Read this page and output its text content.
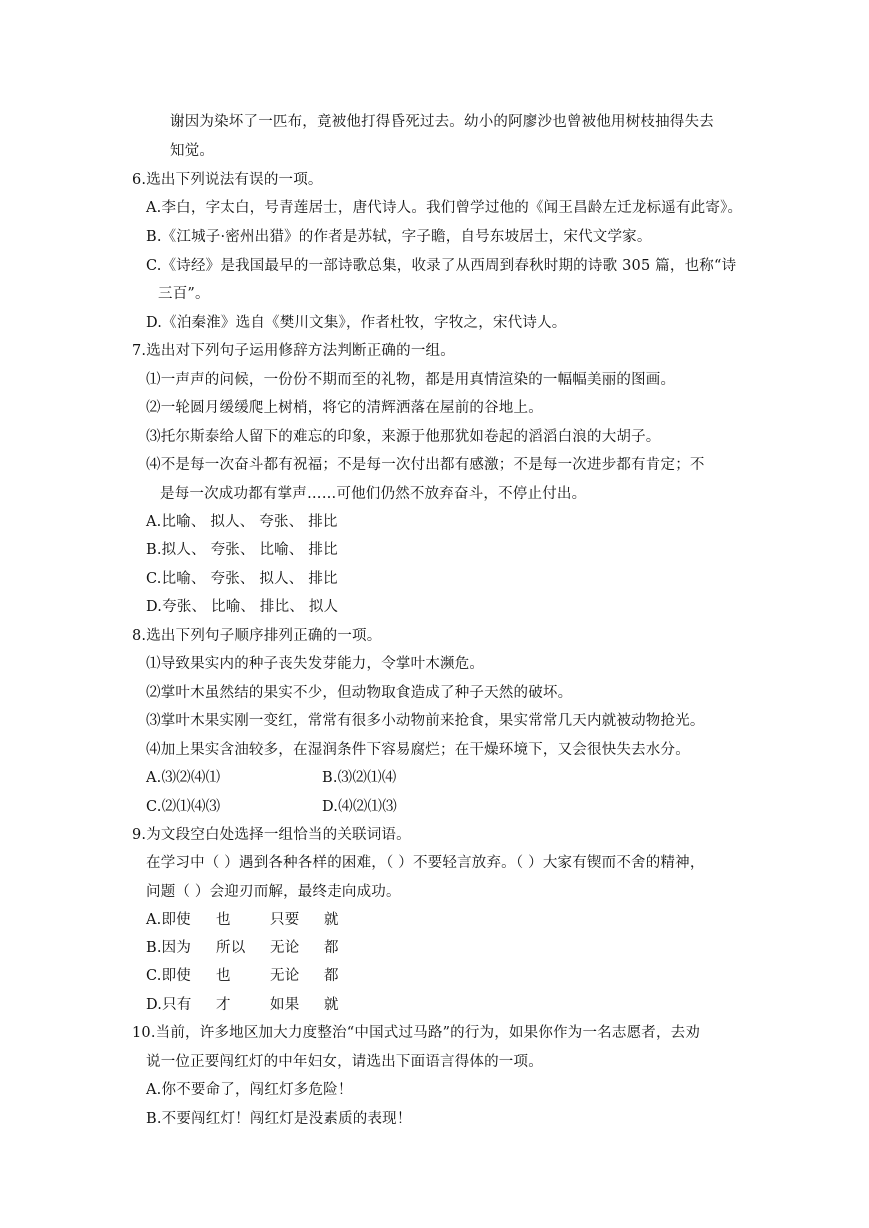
谢因为染坏了一匹布，竟被他打得昏死过去。幼小的阿廖沙也曾被他用树枝抽得失去
知觉。
6.选出下列说法有误的一项。
A.李白，字太白，号青莲居士，唐代诗人。我们曾学过他的《闻王昌龄左迁龙标遥有此寄》。
B.《江城子·密州出猎》的作者是苏轼，字子瞻，自号东坡居士，宋代文学家。
C.《诗经》是我国最早的一部诗歌总集，收录了从西周到春秋时期的诗歌 305 篇，也称“诗
三百”。
D.《泊秦淮》选自《樊川文集》，作者杜牧，字牧之，宋代诗人。
7.选出对下列句子运用修辞方法判断正确的一组。
⑴一声声的问候，一份份不期而至的礼物，都是用真情渲染的一幅幅美丽的图画。
⑵一轮圆月缓缓爬上树梢，将它的清辉洒落在屋前的谷地上。
⑶托尔斯泰给人留下的难忘的印象，来源于他那犹如卷起的滔滔白浪的大胡子。
⑷不是每一次奋斗都有祝福；不是每一次付出都有感激；不是每一次进步都有肯定；不
是每一次成功都有掌声……可他们仍然不放弃奋斗，不停止付出。
A.比喻、 拟人、 夸张、 排比
B.拟人、 夸张、 比喻、 排比
C.比喻、 夸张、 拟人、 排比
D.夸张、 比喻、 排比、 拟人
8.选出下列句子顺序排列正确的一项。
⑴导致果实内的种子丧失发芽能力，令掌叶木濒危。
⑵掌叶木虽然结的果实不少，但动物取食造成了种子天然的破坏。
⑶掌叶木果实刚一变红，常常有很多小动物前来抢食，果实常常几天内就被动物抢光。
⑷加上果实含油较多，在湿润条件下容易腐烂；在干燥环境下，又会很快失去水分。
A.⑶⑵⑷⑴	B.⑶⑵⑴⑷
C.⑵⑴⑷⑶	D.⑷⑵⑴⑶
9.为文段空白处选择一组恰当的关联词语。
在学习中（ ）遇到各种各样的困难，（ ）不要轻言放弃。（ ）大家有锲而不舍的精神，
问题（ ）会迎刃而解，最终走向成功。
A.即使 也	只要 就
B.因为 所以 无论 都
C.即使 也	无论 都
D.只有 才	如果 就
10.当前，许多地区加大力度整治“中国式过马路”的行为，如果你作为一名志愿者，去劝
说一位正要闯红灯的中年妇女，请选出下面语言得体的一项。
A.你不要命了，闯红灯多危险！
B.不要闯红灯！闯红灯是没素质的表现！
